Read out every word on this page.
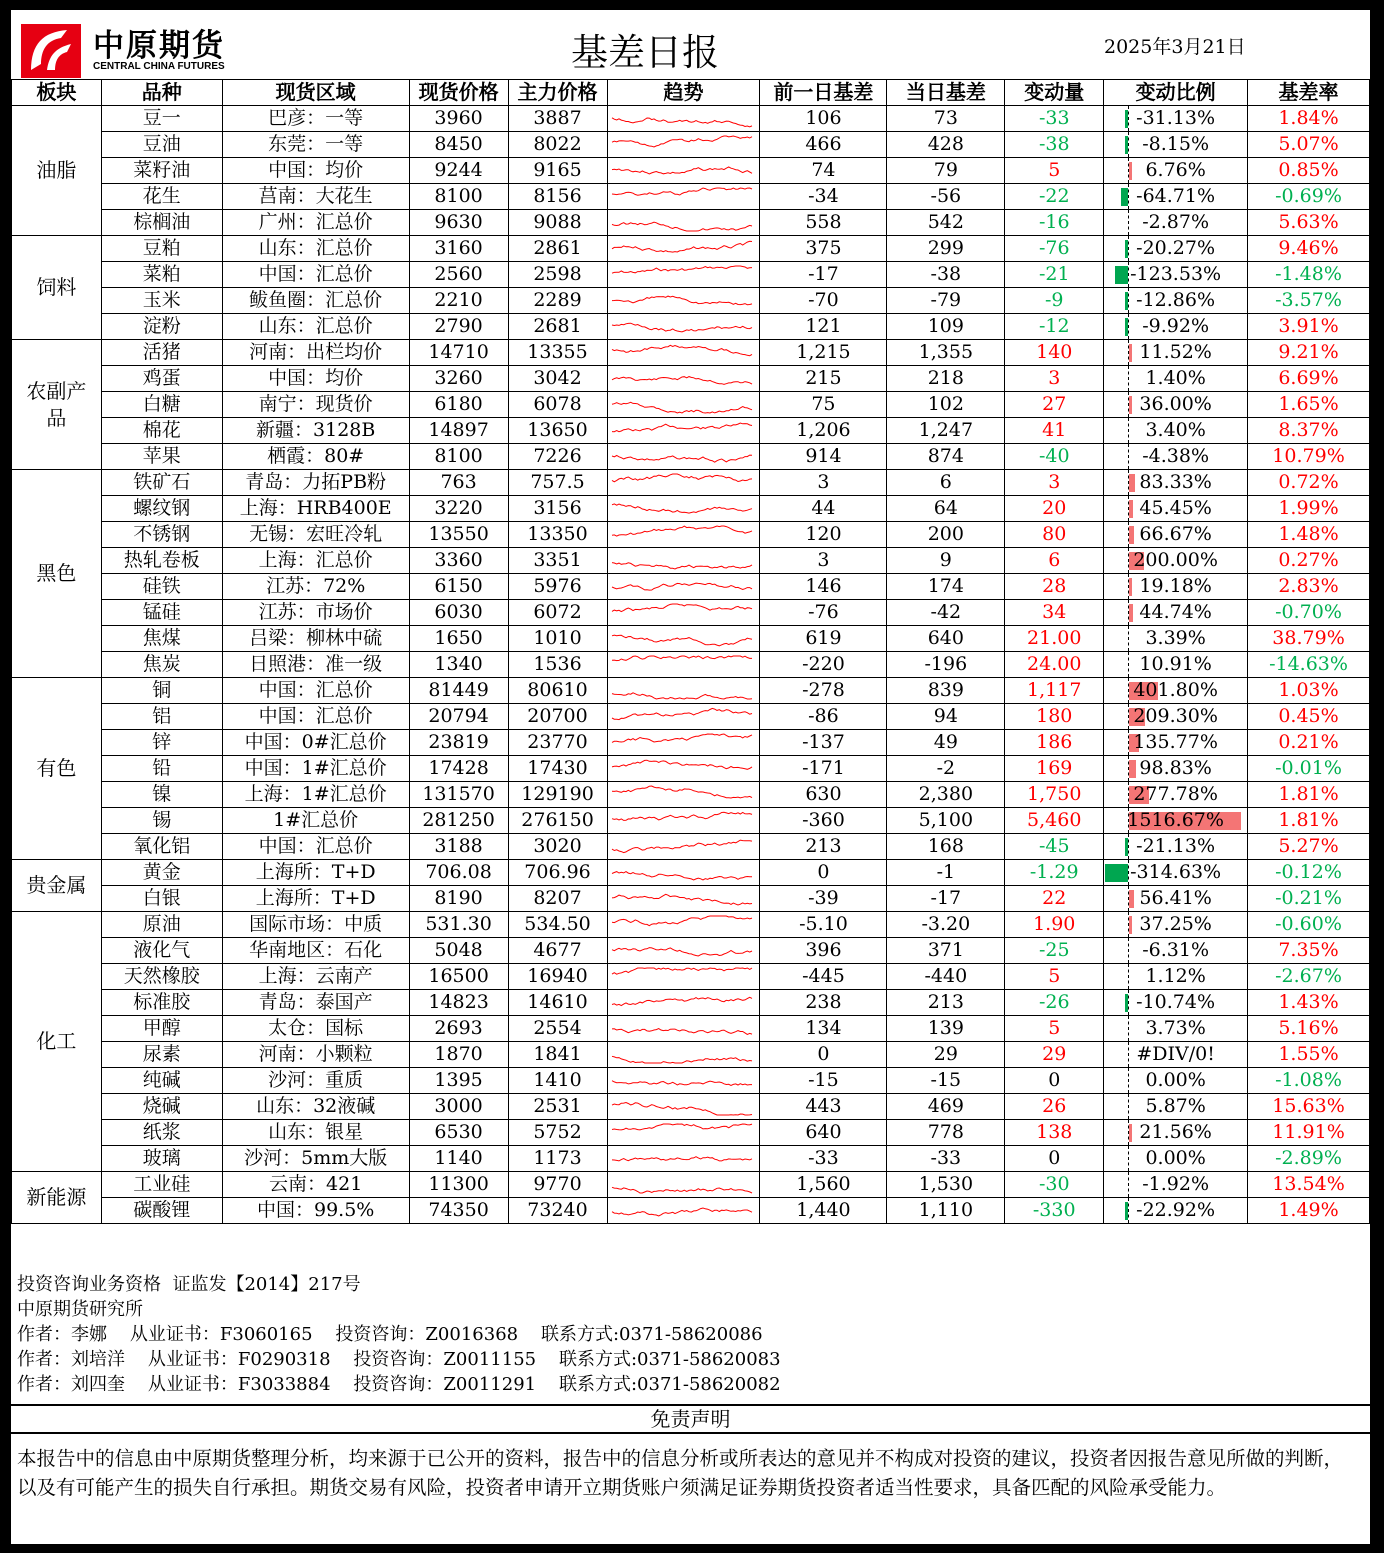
中原期货
CENTRAL CHINA FUTURES	基差日报	2025年3月21日
板块	品种	现货区域	现货价格	主力价格	趋势	前一日基差	当日基差	变动量	变动比例	基差率
油脂	豆一	巴彦：一等	3960	3887		106	73	-33	-31.13%	1.84%
	豆油	东莞：一等	8450	8022		466	428	-38	-8.15%	5.07%
	菜籽油	中国：均价	9244	9165		74	79	5	6.76%	0.85%
	花生	莒南：大花生	8100	8156		-34	-56	-22	-64.71%	-0.69%
	棕榈油	广州：汇总价	9630	9088		558	542	-16	-2.87%	5.63%
饲料	豆粕	山东：汇总价	3160	2861		375	299	-76	-20.27%	9.46%
	菜粕	中国：汇总价	2560	2598		-17	-38	-21	-123.53%	-1.48%
	玉米	鲅鱼圈：汇总价	2210	2289		-70	-79	-9	-12.86%	-3.57%
	淀粉	山东：汇总价	2790	2681		121	109	-12	-9.92%	3.91%
农副产品	活猪	河南：出栏均价	14710	13355		1,215	1,355	140	11.52%	9.21%
	鸡蛋	中国：均价	3260	3042		215	218	3	1.40%	6.69%
	白糖	南宁：现货价	6180	6078		75	102	27	36.00%	1.65%
	棉花	新疆：3128B	14897	13650		1,206	1,247	41	3.40%	8.37%
	苹果	栖霞：80#	8100	7226		914	874	-40	-4.38%	10.79%
黑色	铁矿石	青岛：力拓PB粉	763	757.5		3	6	3	83.33%	0.72%
	螺纹钢	上海：HRB400E	3220	3156		44	64	20	45.45%	1.99%
	不锈钢	无锡：宏旺冷轧	13550	13350		120	200	80	66.67%	1.48%
	热轧卷板	上海：汇总价	3360	3351		3	9	6	200.00%	0.27%
	硅铁	江苏：72%	6150	5976		146	174	28	19.18%	2.83%
	锰硅	江苏：市场价	6030	6072		-76	-42	34	44.74%	-0.70%
	焦煤	吕梁：柳林中硫	1650	1010		619	640	21.00	3.39%	38.79%
	焦炭	日照港：准一级	1340	1536		-220	-196	24.00	10.91%	-14.63%
有色	铜	中国：汇总价	81449	80610		-278	839	1,117	401.80%	1.03%
	铝	中国：汇总价	20794	20700		-86	94	180	209.30%	0.45%
	锌	中国：0#汇总价	23819	23770		-137	49	186	135.77%	0.21%
	铅	中国：1#汇总价	17428	17430		-171	-2	169	98.83%	-0.01%
	镍	上海：1#汇总价	131570	129190		630	2,380	1,750	277.78%	1.81%
	锡	1#汇总价	281250	276150		-360	5,100	5,460	1516.67%	1.81%
	氧化铝	中国：汇总价	3188	3020		213	168	-45	-21.13%	5.27%
贵金属	黄金	上海所：T+D	706.08	706.96		0	-1	-1.29	-314.63%	-0.12%
	白银	上海所：T+D	8190	8207		-39	-17	22	56.41%	-0.21%
化工	原油	国际市场：中质	531.30	534.50		-5.10	-3.20	1.90	37.25%	-0.60%
	液化气	华南地区：石化	5048	4677		396	371	-25	-6.31%	7.35%
	天然橡胶	上海：云南产	16500	16940		-445	-440	5	1.12%	-2.67%
	标准胶	青岛：泰国产	14823	14610		238	213	-26	-10.74%	1.43%
	甲醇	太仓：国标	2693	2554		134	139	5	3.73%	5.16%
	尿素	河南：小颗粒	1870	1841		0	29	29	#DIV/0!	1.55%
	纯碱	沙河：重质	1395	1410		-15	-15	0	0.00%	-1.08%
	烧碱	山东：32液碱	3000	2531		443	469	26	5.87%	15.63%
	纸浆	山东：银星	6530	5752		640	778	138	21.56%	11.91%
	玻璃	沙河：5mm大版	1140	1173		-33	-33	0	0.00%	-2.89%
新能源	工业硅	云南：421	11300	9770		1,560	1,530	-30	-1.92%	13.54%
	碳酸锂	中国：99.5%	74350	73240		1,440	1,110	-330	-22.92%	1.49%
投资咨询业务资格  证监发【2014】217号
中原期货研究所
作者：李娜    从业证书：F3060165    投资咨询：Z0016368    联系方式:0371-58620086
作者：刘培洋    从业证书：F0290318    投资咨询：Z0011155    联系方式:0371-58620083
作者：刘四奎    从业证书：F3033884    投资咨询：Z0011291    联系方式:0371-58620082
免责声明
本报告中的信息由中原期货整理分析，均来源于已公开的资料，报告中的信息分析或所表达的意见并不构成对投资的建议，投资者因报告意见所做的判断，以及有可能产生的损失自行承担。期货交易有风险，投资者申请开立期货账户须满足证券期货投资者适当性要求，具备匹配的风险承受能力。
